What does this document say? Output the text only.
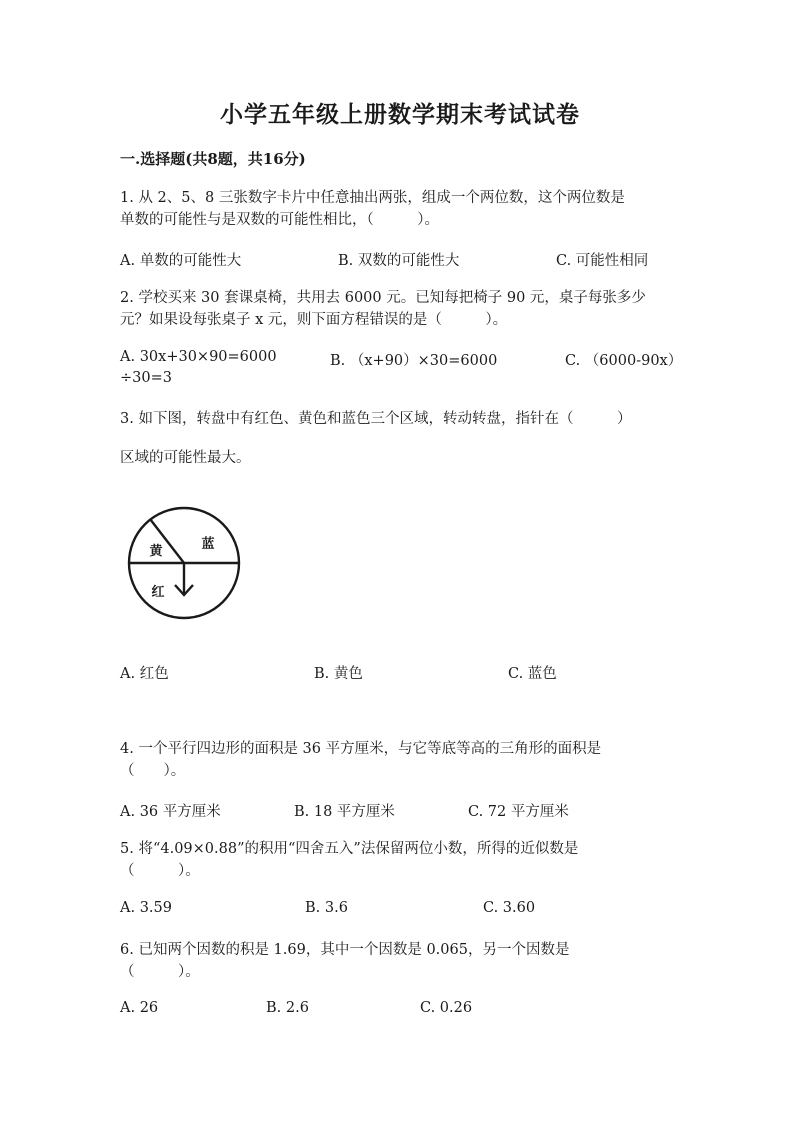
小学五年级上册数学期末考试试卷
一.选择题(共8题，共16分)
1. 从 2、5、8 三张数字卡片中任意抽出两张，组成一个两位数，这个两位数是
单数的可能性与是双数的可能性相比，（　　　）。
A. 单数的可能性大	B. 双数的可能性大	C. 可能性相同
2. 学校买来 30 套课桌椅，共用去 6000 元。已知每把椅子 90 元，桌子每张多少
元？如果设每张桌子 x 元，则下面方程错误的是（　　　）。
A. 30x+30×90=6000	B. （x+90）×30=6000	C. （6000-90x）
÷30=3
3. 如下图，转盘中有红色、黄色和蓝色三个区域，转动转盘，指针在（　　　）
区域的可能性最大。
黄	蓝
红
A. 红色	B. 黄色	C. 蓝色
4. 一个平行四边形的面积是 36 平方厘米，与它等底等高的三角形的面积是
（　　）。
A. 36 平方厘米	B. 18 平方厘米	C. 72 平方厘米
5. 将“4.09×0.88”的积用“四舍五入”法保留两位小数，所得的近似数是
（　　　）。
A. 3.59	B. 3.6	C. 3.60
6. 已知两个因数的积是 1.69，其中一个因数是 0.065，另一个因数是
（　　　）。
A. 26	B. 2.6	C. 0.26
